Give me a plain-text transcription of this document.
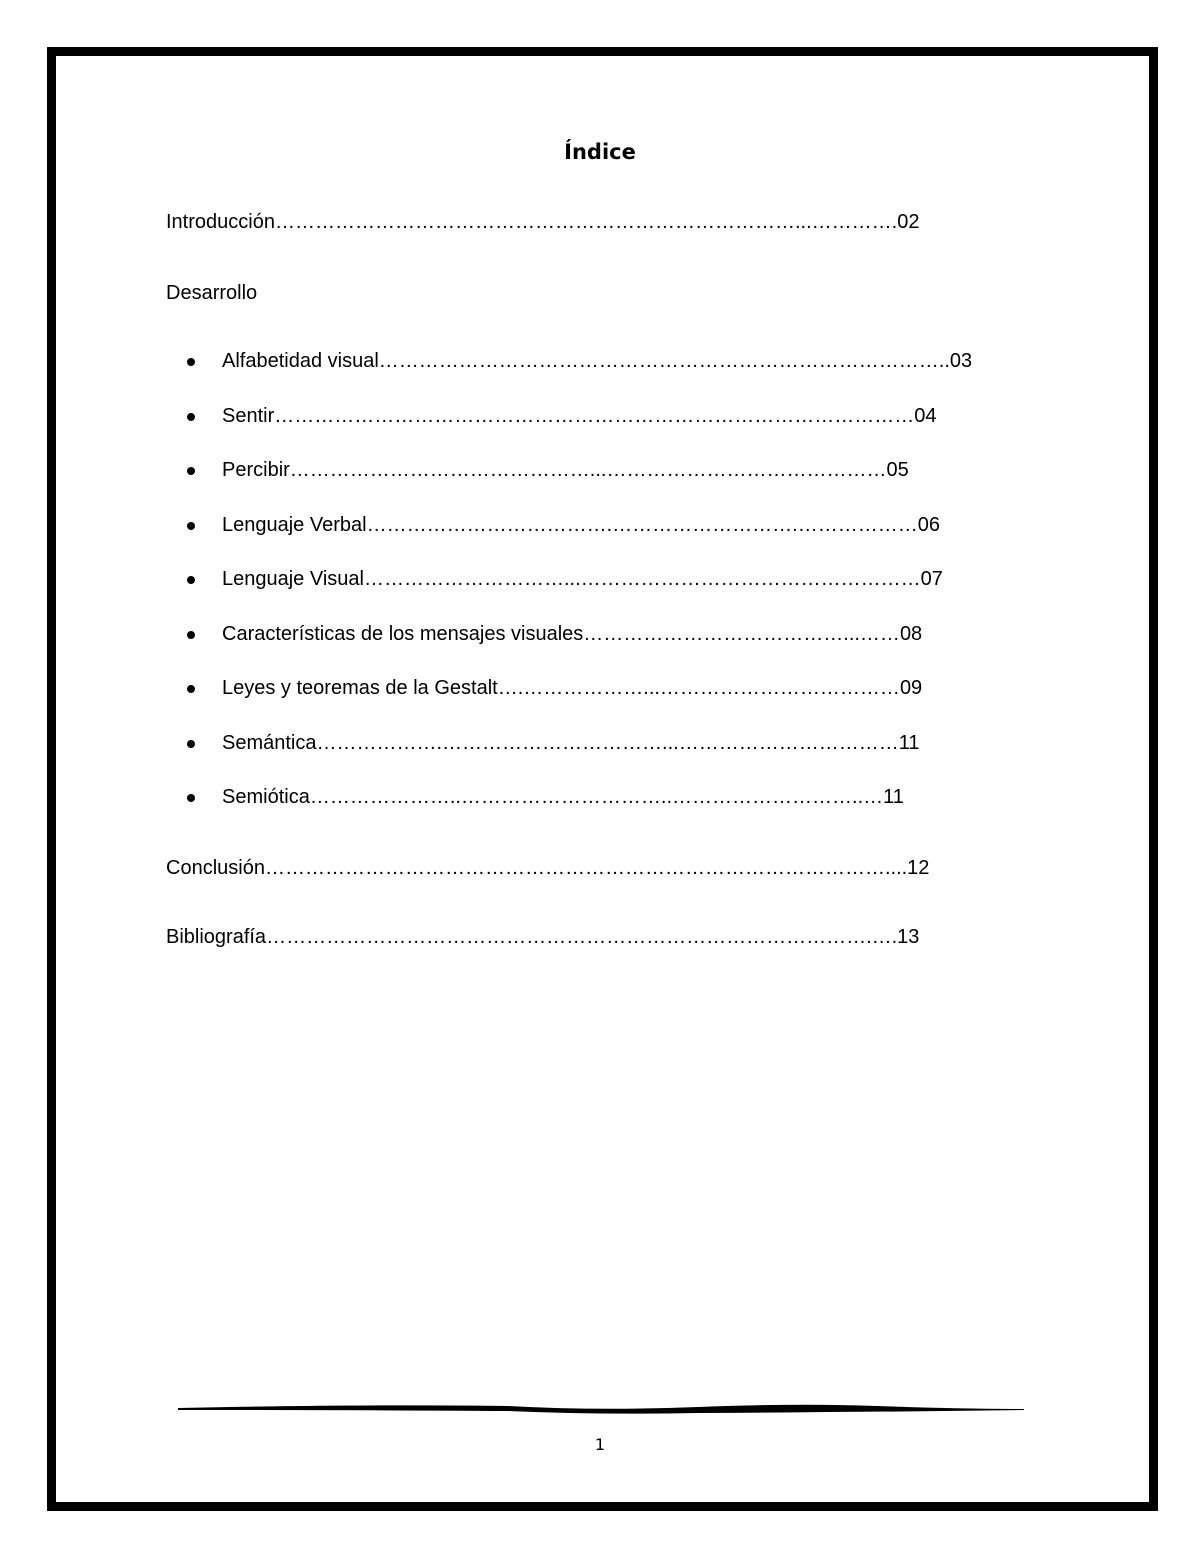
Índice
Introducción……………………………………………………………………...………….02
Desarrollo
Alfabetidad visual…………………………………………………………………………..03
Sentir……………………………………………………………………………………04
Percibir………………………………………...……………………………………05
Lenguaje Verbal……………………………….……………………….………………06
Lenguaje Visual…………………………...……………………………………………07
Características de los mensajes visuales…………………………………...……08
Leyes y teoremas de la Gestalt….………………...………………………………09
Semántica……………….……………………………...……………………………11
Semiótica…………………..…………………………..………………………..…11
Conclusión…………………………………………………………………………………....12
Bibliografía……………………………………………………………………………….….13
1
